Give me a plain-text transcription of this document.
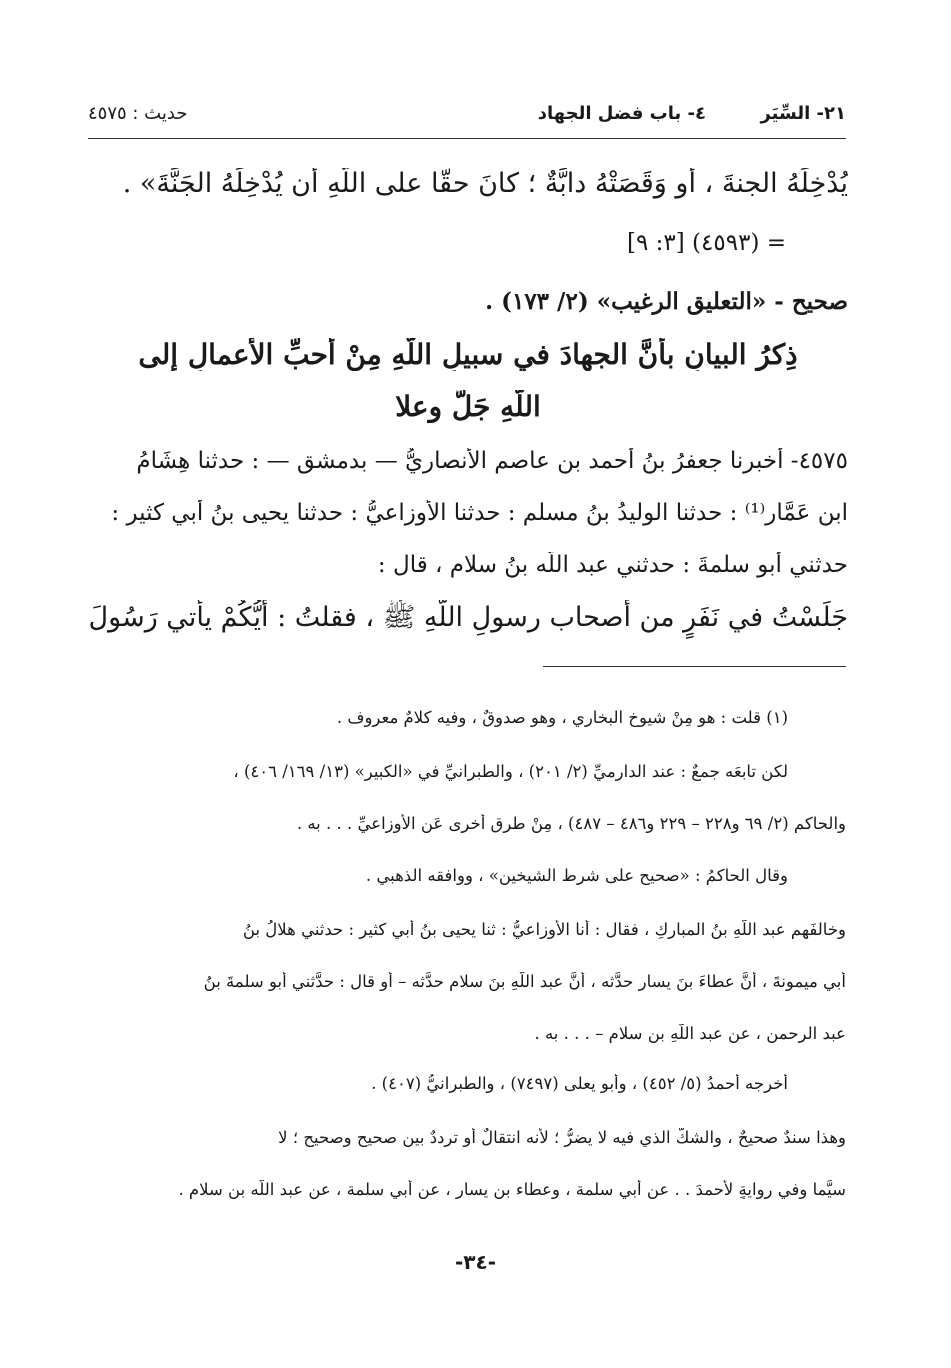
٢١- السِّيَر
٤- باب فضل الجهاد
حديث : ٤٥٧٥
يُدْخِلَهُ الجنةَ ، أو وَقَصَتْهُ دابَّةٌ ؛ كانَ حقًّا على اللّهِ أن يُدْخِلَهُ الجَنَّةَ» .
= (٤٥٩٣) [٣: ٩]
صحيح - «التعليق الرغيب» (٢/ ١٧٣) .
ذِكرُ البيانِ بأنَّ الجهادَ في سبيلِ اللّهِ مِنْ أحبِّ الأعمالِ إلى
اللّهِ جَلَّ وعلا
٤٥٧٥- أخبرنا جعفرُ بنُ أحمد بن عاصمٍ الأنصاريُّ — بدمشق — : حدثنا هِشَامُ
ابن عَمَّار⁽¹⁾ : حدثنا الوليدُ بنُ مسلم : حدثنا الأوزاعيُّ : حدثنا يحيى بنُ أبي كثيرٍ :
حدثني أبو سلمةَ : حدثني عبد اللّه بنُ سلامٍ ، قال :
جَلَسْتُ في نَفَرٍ من أصحاب رسولِ اللّهِ ﷺ ، فقلتُ : أيُّكُمْ يأتي رَسُولَ
(١) قلت : هو مِنْ شيوخ البخاري ، وهو صدوقٌ ، وفيه كلامٌ معروف .
لكن تابعَه جمعٌ : عند الدارميِّ (٢/ ٢٠١) ، والطبرانيِّ في «الكبير» (١٣/ ١٦٩/ ٤٠٦) ،
والحاكم (٢/ ٦٩ و٢٢٨ – ٢٢٩ و٤٨٦ – ٤٨٧) ، مِنْ طرقٍ أخرى عَنِ الأوزاعيِّ . . . به .
وقال الحاكمُ : «صحيح على شرط الشيخين» ، ووافقه الذهبي .
وخالفَهم عبد اللّهِ بنُ المباركِ ، فقال : أنا الأوزاعيُّ : ثنا يحيى بنُ أبي كثير : حدثني هلالُ بنُ
أبي ميمونةَ ، أنَّ عطاءَ بنَ يسارٍ حدَّثه ، أنَّ عبد اللّهِ بنَ سلامٍ حدَّثه – أو قال : حدَّثني أبو سلمةَ بنُ
عبد الرحمن ، عن عبد اللّهِ بنِ سلامٍ – . . . به .
أخرجه أحمدُ (٥/ ٤٥٢) ، وأبو يعلى (٧٤٩٧) ، والطبرانيُّ (٤٠٧) .
وهذا سندٌ صحيحٌ ، والشكُّ الذي فيه لا يضرُّ ؛ لأنه انتقالٌ أو ترددٌ بين صحيح وصحيحٍ ؛ لا
سيَّما وفي روايةٍ لأحمدَ . . عن أبي سلمة ، وعطاء بن يسار ، عن أبي سلمة ، عن عبد اللّه بن سلام .
-٣٤-
